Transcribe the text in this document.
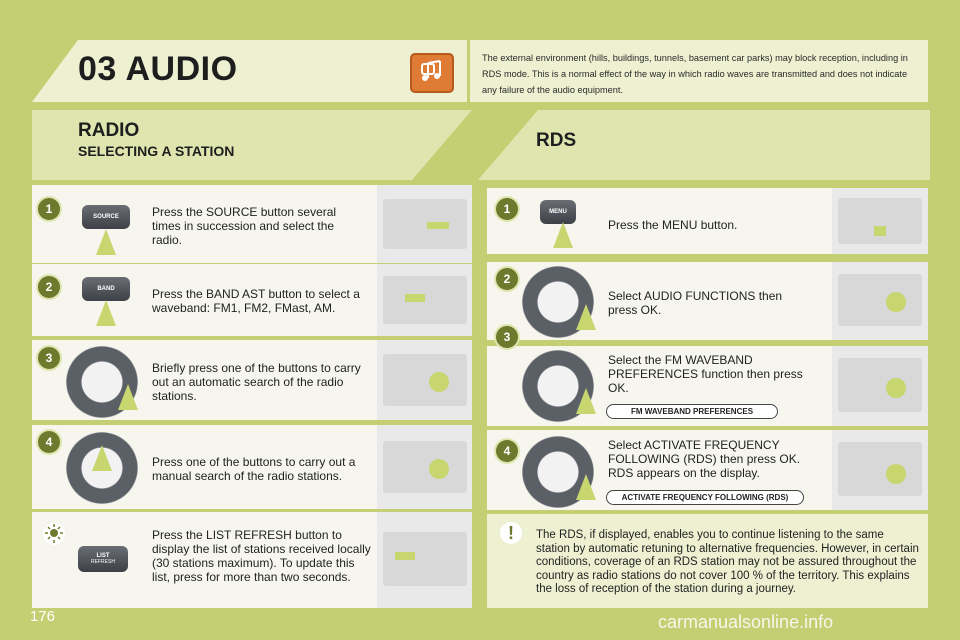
03 AUDIO	The external environment (hills, buildings, tunnels, basement car parks) may block reception, including in RDS mode. This is a normal effect of the way in which radio waves are transmitted and does not indicate any failure of the audio equipment.
RADIO
SELECTING A STATION	RDS
1
SOURCE	Press the SOURCE button several times in succession and select the radio.
2	BAND	Press the BAND AST button to select a waveband: FM1, FM2, FMast, AM.
3
Briefly press one of the buttons to carry out an automatic search of the radio stations.
4
Press one of the buttons to carry out a manual search of the radio stations.
LIST
REFRESH
Press the LIST REFRESH button to display the list of stations received locally (30 stations maximum). To update this list, press for more than two seconds.
1	MENU
Press the MENU button.
2
Select AUDIO FUNCTIONS then press OK.
3
Select the FM WAVEBAND PREFERENCES function then press OK.
FM WAVEBAND PREFERENCES
4	Select ACTIVATE FREQUENCY FOLLOWING (RDS) then press OK. RDS appears on the display.
ACTIVATE FREQUENCY FOLLOWING (RDS)
!	The RDS, if displayed, enables you to continue listening to the same station by automatic retuning to alternative frequencies. However, in certain conditions, coverage of an RDS station may not be assured throughout the country as radio stations do not cover 100 % of the territory. This explains the loss of reception of the station during a journey.
176	carmanualsonline.info
